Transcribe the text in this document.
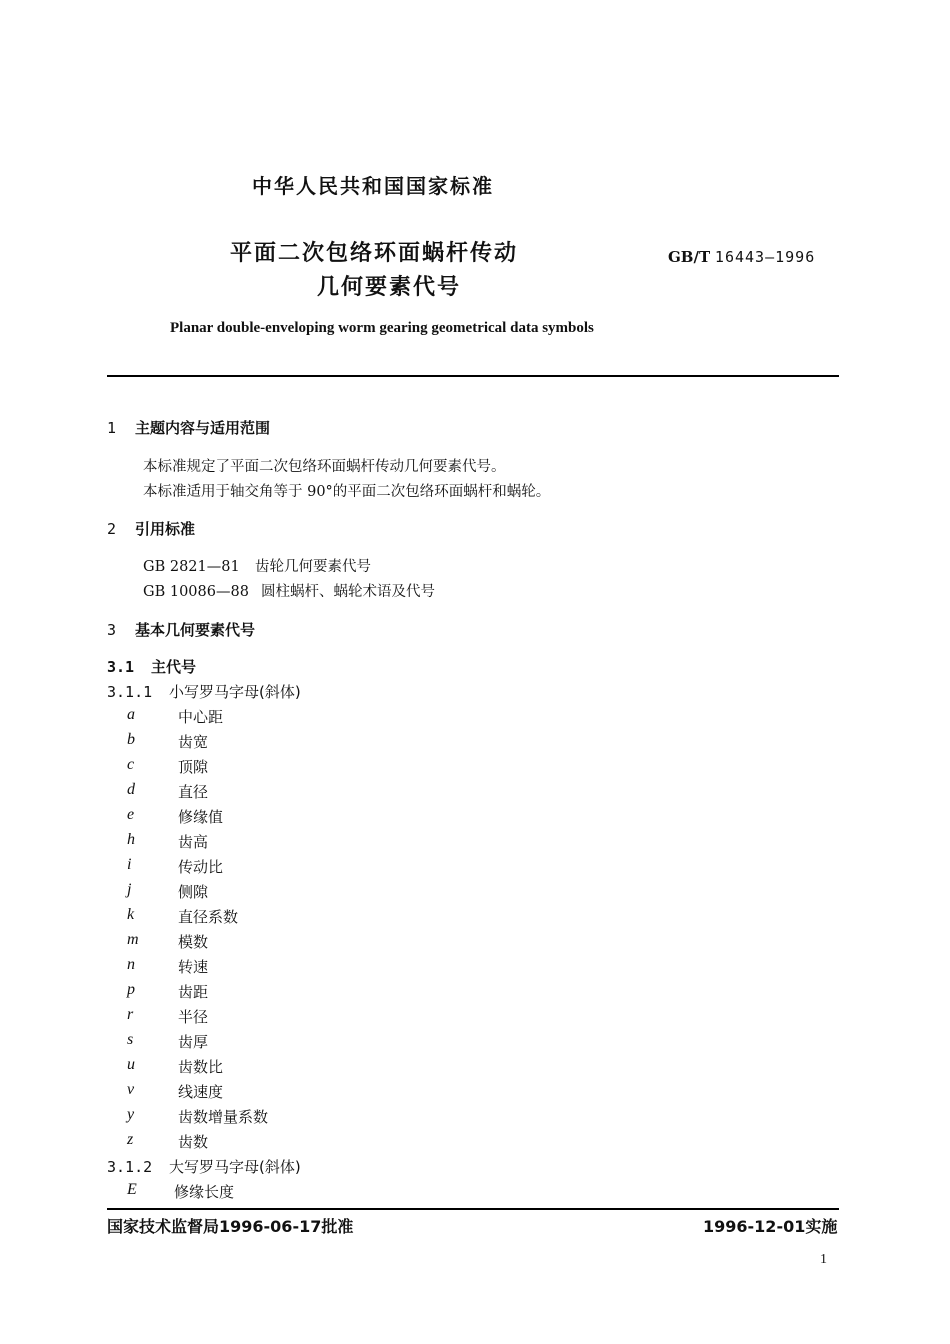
中华人民共和国国家标准
平面二次包络环面蜗杆传动
几何要素代号
GB/T 16443—1996
Planar double-enveloping worm gearing geometrical data symbols
1 主题内容与适用范围
本标准规定了平面二次包络环面蜗杆传动几何要素代号。
本标准适用于轴交角等于 90°的平面二次包络环面蜗杆和蜗轮。
2 引用标准
GB 2821—81 齿轮几何要素代号
GB 10086—88 圆柱蜗杆、蜗轮术语及代号
3 基本几何要素代号
3.1 主代号
3.1.1 小写罗马字母(斜体)
a	中心距
b	齿宽
c	顶隙
d	直径
e	修缘值
h	齿高
i	传动比
j	侧隙
k	直径系数
m	模数
n	转速
p	齿距
r	半径
s	齿厚
u	齿数比
v	线速度
y	齿数增量系数
z	齿数
3.1.2 大写罗马字母(斜体)
E 修缘长度
国家技术监督局1996-06-17批准	1996-12-01实施
1
